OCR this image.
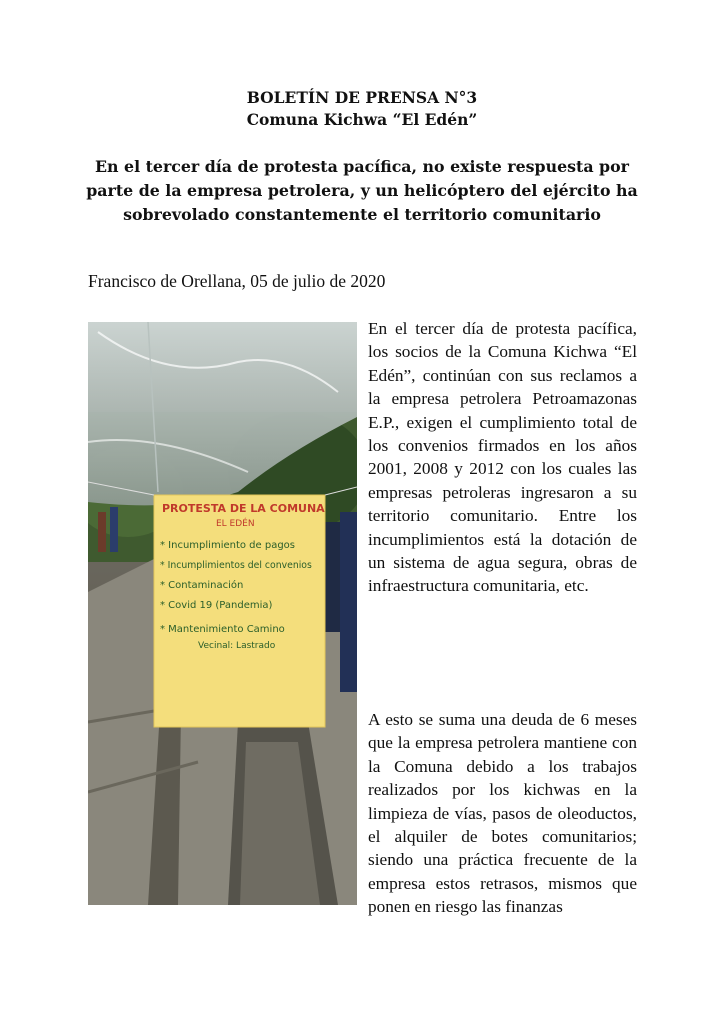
BOLETÍN DE PRENSA N°3
Comuna Kichwa “El Edén”
En el tercer día de protesta pacífica, no existe respuesta por parte de la empresa petrolera, y un helicóptero del ejército ha sobrevolado constantemente el territorio comunitario
Francisco de Orellana, 05 de julio de 2020
PROTESTA DE LA COMUNA
EL EDÉN
* Incumplimiento de pagos
* Incumplimientos del convenios
* Contaminación
* Covid 19 (Pandemia)
* Mantenimiento Camino
Vecinal: Lastrado
En el tercer día de protesta pacífica, los socios de la Comuna Kichwa “El Edén”, continúan con sus reclamos a la empresa petrolera Petroamazonas E.P., exigen el cumplimiento total de los convenios firmados en los años 2001, 2008 y 2012 con los cuales las empresas petroleras ingresaron a su territorio comunitario. Entre los incumplimientos está la dotación de un sistema de agua segura, obras de infraestructura comunitaria, etc.
A esto se suma una deuda de 6 meses que la empresa petrolera mantiene con la Comuna debido a los trabajos realizados por los kichwas en la limpieza de vías, pasos de oleoductos, el alquiler de botes comunitarios; siendo una práctica frecuente de la empresa estos retrasos, mismos que ponen en riesgo las finanzas
